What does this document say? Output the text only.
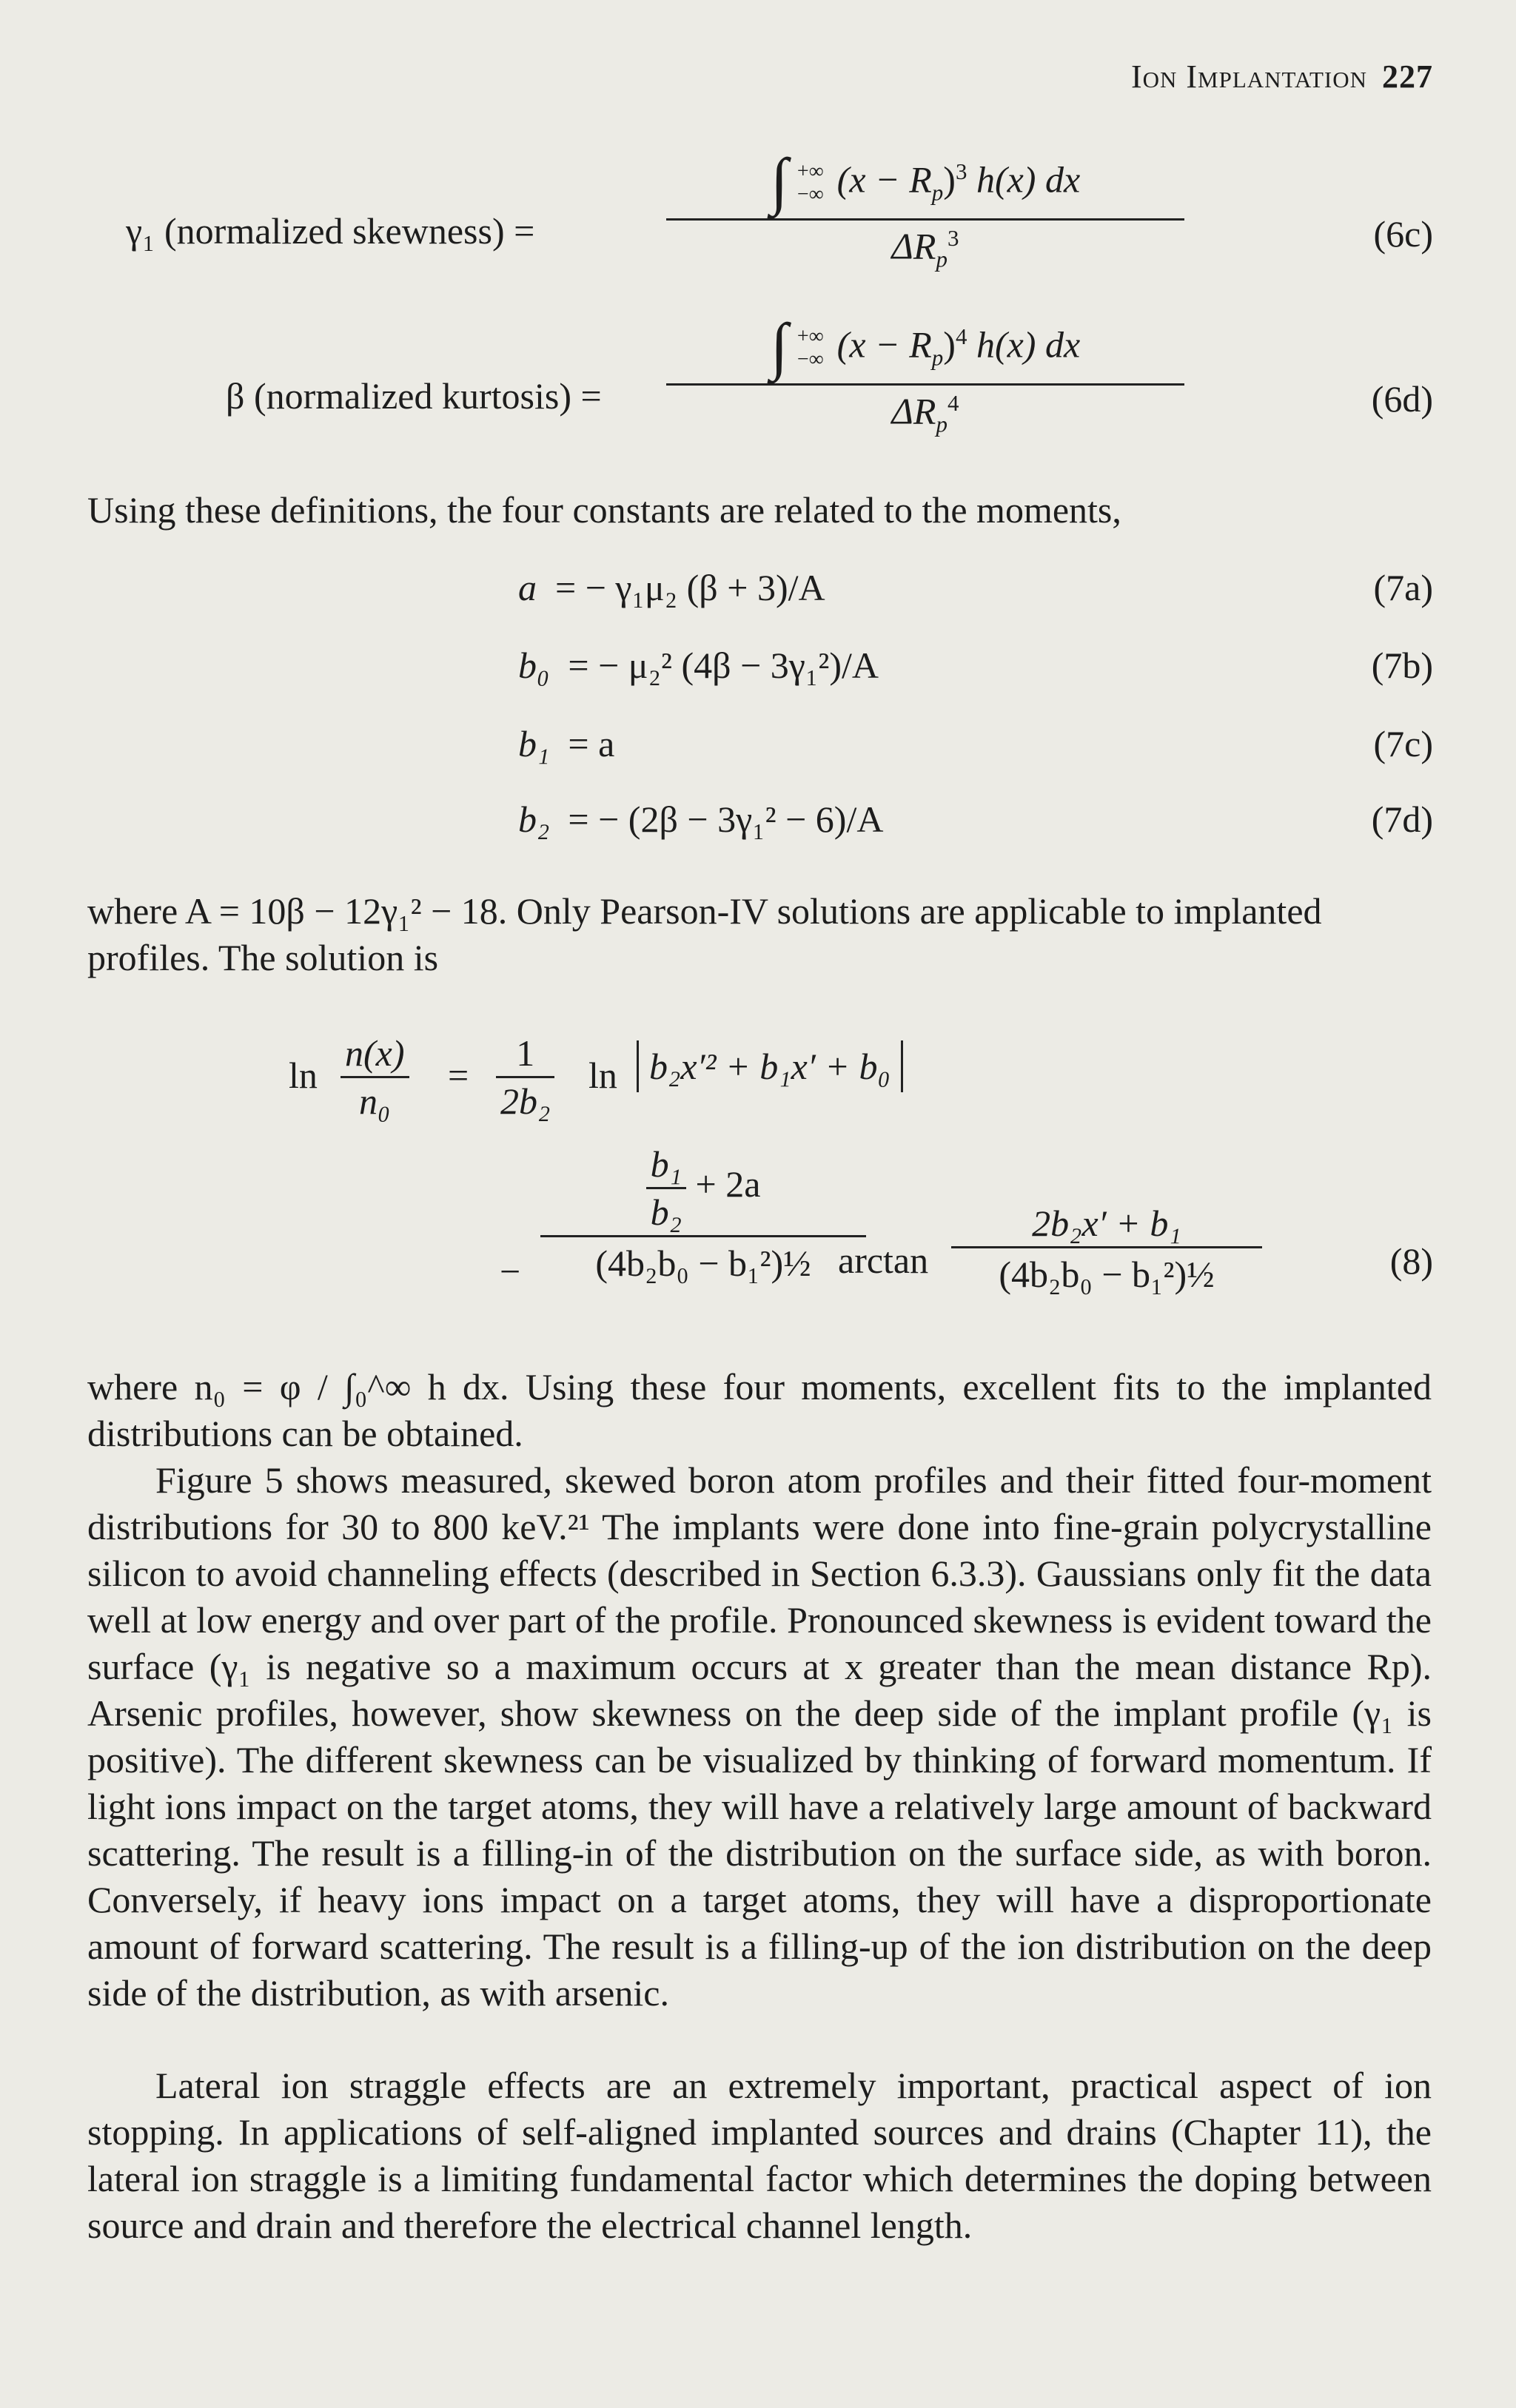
Ion Implantation 227
γ₁ (normalized skewness) =
∫ +∞
−∞ $(x - R_p)^3$ h(x) dx
$\Delta R_p^3$	(6c)
β (normalized kurtosis) =
∫ +∞
−∞ $(x - R_p)^4$ h(x) dx
$\Delta R_p^4$	(6d)

Using these definitions, the four constants are related to the moments,

a = − γ₁μ₂ (β + 3)/A	(7a)
b₀ = − μ₂² (4β − 3γ₁²)/A	(7b)
b₁ = a	(7c)
b₂ = − (2β − 3γ₁² − 6)/A	(7d)

where A = 10β − 12γ₁² − 18. Only Pearson-IV solutions are applicable to implanted profiles. The solution is

ln
n(x)
n₀
=
1
2b₂
ln b₂x′² + b₁x′ + b₀
−
$\frac{\text{b₁}}{\text{b₂}} + 2a$
(4b₂b₀ − b₁²)½ arctan
2b₂x′ + b₁
(4b₂b₀ − b₁²)½	(8)

where n₀ = φ / ∫₀^∞ h dx. Using these four moments, excellent fits to the implanted distributions can be obtained.

Figure 5 shows measured, skewed boron atom profiles and their fitted four-moment distributions for 30 to 800 keV.²¹ The implants were done into fine-grain polycrystalline silicon to avoid channeling effects (described in Section 6.3.3). Gaussians only fit the data well at low energy and over part of the profile. Pronounced skewness is evident toward the surface (γ₁ is negative so a maximum occurs at x greater than the mean distance Rp). Arsenic profiles, however, show skewness on the deep side of the implant profile (γ₁ is positive). The different skewness can be visualized by thinking of forward momentum. If light ions impact on the target atoms, they will have a relatively large amount of backward scattering. The result is a filling-in of the distribution on the surface side, as with boron. Conversely, if heavy ions impact on a target atoms, they will have a disproportionate amount of forward scattering. The result is a filling-up of the ion distribution on the deep side of the distribution, as with arsenic.

Lateral ion straggle effects are an extremely important, practical aspect of ion stopping. In applications of self-aligned implanted sources and drains (Chapter 11), the lateral ion straggle is a limiting fundamental factor which determines the doping between source and drain and therefore the electrical channel length.
